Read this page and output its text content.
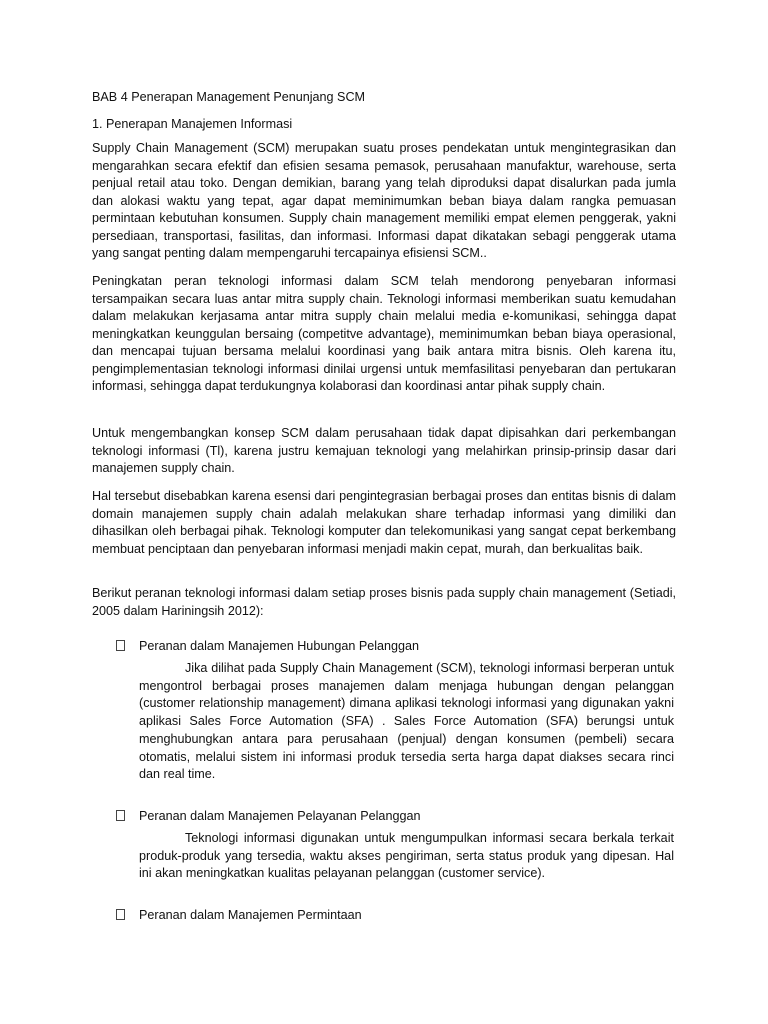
BAB 4 Penerapan Management Penunjang SCM

1. Penerapan Manajemen Informasi

Supply Chain Management (SCM) merupakan suatu proses pendekatan untuk mengintegrasikan dan mengarahkan secara efektif dan efisien sesama pemasok, perusahaan manufaktur, warehouse, serta penjual retail atau toko. Dengan demikian, barang yang telah diproduksi dapat disalurkan pada jumla dan alokasi waktu yang tepat, agar dapat meminimumkan beban biaya dalam rangka pemuasan permintaan kebutuhan konsumen. Supply chain management memiliki empat elemen penggerak, yakni persediaan, transportasi, fasilitas, dan informasi. Informasi dapat dikatakan sebagi penggerak utama yang sangat penting dalam mempengaruhi tercapainya efisiensi SCM..

Peningkatan peran teknologi informasi dalam SCM telah mendorong penyebaran informasi tersampaikan secara luas antar mitra supply chain. Teknologi informasi memberikan suatu kemudahan dalam melakukan kerjasama antar mitra supply chain melalui media e-komunikasi, sehingga dapat meningkatkan keunggulan bersaing (competitve advantage), meminimumkan beban biaya operasional, dan mencapai tujuan bersama melalui koordinasi yang baik antara mitra bisnis. Oleh karena itu, pengimplementasian teknologi informasi dinilai urgensi untuk memfasilitasi penyebaran dan pertukaran informasi, sehingga dapat terdukungnya kolaborasi dan koordinasi antar pihak supply chain.

Untuk mengembangkan konsep SCM dalam perusahaan tidak dapat dipisahkan dari perkembangan teknologi informasi (Tl), karena justru kemajuan teknologi yang melahirkan prinsip-prinsip dasar dari manajemen supply chain.

Hal tersebut disebabkan karena esensi dari pengintegrasian berbagai proses dan entitas bisnis di dalam domain manajemen supply chain adalah melakukan share terhadap informasi yang dimiliki dan dihasilkan oleh berbagai pihak. Teknologi komputer dan telekomunikasi yang sangat cepat berkembang membuat penciptaan dan penyebaran informasi menjadi makin cepat, murah, dan berkualitas baik.

Berikut peranan teknologi informasi dalam setiap proses bisnis pada supply chain management (Setiadi, 2005 dalam Hariningsih 2012):

Peranan dalam Manajemen Hubungan Pelanggan

Jika dilihat pada Supply Chain Management (SCM), teknologi informasi berperan untuk mengontrol berbagai proses manajemen dalam menjaga hubungan dengan pelanggan (customer relationship management) dimana aplikasi teknologi informasi yang digunakan yakni aplikasi Sales Force Automation (SFA) . Sales Force Automation (SFA) berungsi untuk menghubungkan antara para perusahaan (penjual) dengan konsumen (pembeli) secara otomatis, melalui sistem ini informasi produk tersedia serta harga dapat diakses secara rinci dan real time.

Peranan dalam Manajemen Pelayanan Pelanggan

Teknologi informasi digunakan untuk mengumpulkan informasi secara berkala terkait produk-produk yang tersedia, waktu akses pengiriman, serta status produk yang dipesan. Hal ini akan meningkatkan kualitas pelayanan pelanggan (customer service).

Peranan dalam Manajemen Permintaan
